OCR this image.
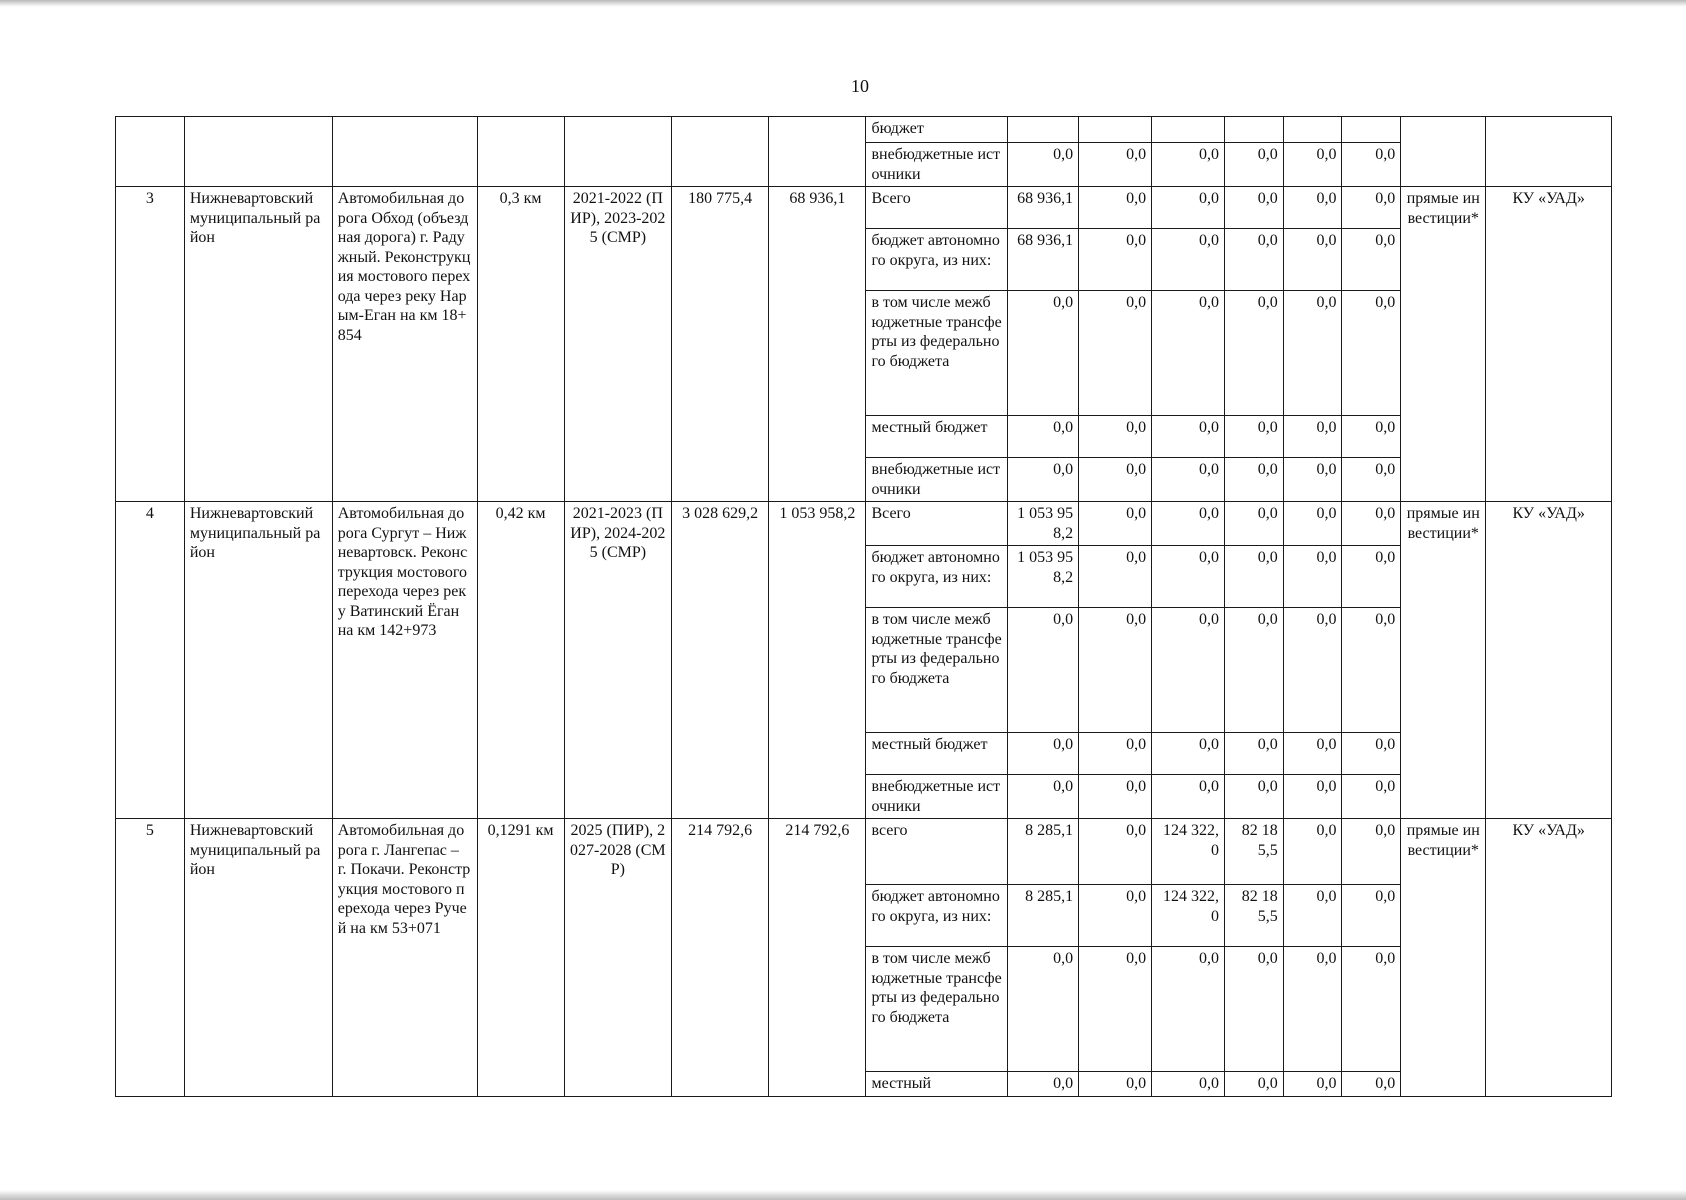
10
							бюджет								
							внебюджетные источники	0,0	0,0	0,0	0,0	0,0	0,0		
3	Нижневартовский муниципальный район	Автомобильная дорога Обход (объездная дорога) г. Радужный. Реконструкция мостового перехода через реку Нарым-Еган на км 18+854	0,3 км	2021-2022 (ПИР), 2023-2025 (СМР)	180 775,4	68 936,1	Всего	68 936,1	0,0	0,0	0,0	0,0	0,0	прямые инвестиции*	КУ «УАД»
							бюджет автономного округа, из них:	68 936,1	0,0	0,0	0,0	0,0	0,0		
							в том числе межбюджетные трансферты из федерального бюджета	0,0	0,0	0,0	0,0	0,0	0,0		
							местный бюджет	0,0	0,0	0,0	0,0	0,0	0,0		
							внебюджетные источники	0,0	0,0	0,0	0,0	0,0	0,0		
4	Нижневартовский муниципальный район	Автомобильная дорога Сургут – Нижневартовск. Реконструкция мостового перехода через реку Ватинский Ёган на км 142+973	0,42 км	2021-2023 (ПИР), 2024-2025 (СМР)	3 028 629,2	1 053 958,2	Всего	1 053 958,2	0,0	0,0	0,0	0,0	0,0	прямые инвестиции*	КУ «УАД»
							бюджет автономного округа, из них:	1 053 958,2	0,0	0,0	0,0	0,0	0,0		
							в том числе межбюджетные трансферты из федерального бюджета	0,0	0,0	0,0	0,0	0,0	0,0		
							местный бюджет	0,0	0,0	0,0	0,0	0,0	0,0		
							внебюджетные источники	0,0	0,0	0,0	0,0	0,0	0,0		
5	Нижневартовский муниципальный район	Автомобильная дорога г. Лангепас – г. Покачи. Реконструкция мостового перехода через Ручей на км 53+071	0,1291 км	2025 (ПИР), 2027-2028 (СМР)	214 792,6	214 792,6	всего	8 285,1	0,0	124 322,0	82 185,5	0,0	0,0	прямые инвестиции*	КУ «УАД»
							бюджет автономного округа, из них:	8 285,1	0,0	124 322,0	82 185,5	0,0	0,0		
							в том числе межбюджетные трансферты из федерального бюджета	0,0	0,0	0,0	0,0	0,0	0,0		
							местный	0,0	0,0	0,0	0,0	0,0	0,0		
